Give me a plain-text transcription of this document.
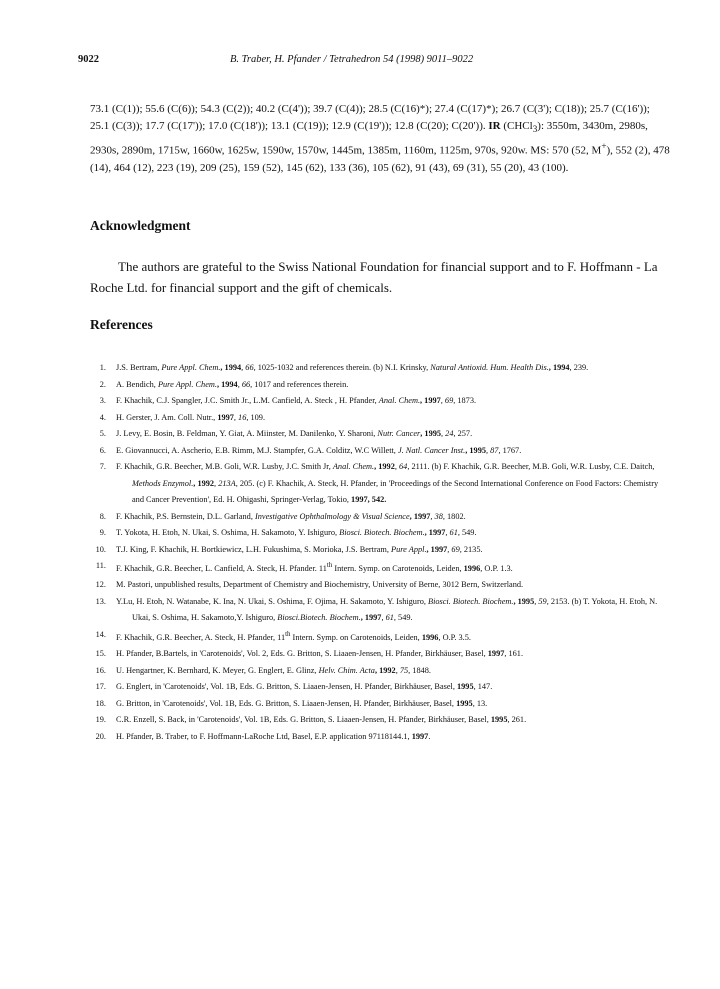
9022	B. Traber, H. Pfander / Tetrahedron 54 (1998) 9011–9022
73.1 (C(1)); 55.6 (C(6)); 54.3 (C(2)); 40.2 (C(4')); 39.7 (C(4)); 28.5 (C(16)*); 27.4 (C(17)*); 26.7 (C(3'); C(18)); 25.7 (C(16')); 25.1 (C(3)); 17.7 (C(17')); 17.0 (C(18')); 13.1 (C(19)); 12.9 (C(19')); 12.8 (C(20); C(20')). IR (CHCl$_3$): 3550m, 3430m, 2980s, 2930s, 2890m, 1715w, 1660w, 1625w, 1590w, 1570w, 1445m, 1385m, 1160m, 1125m, 970s, 920w. MS: 570 (52, M+), 552 (2), 478 (14), 464 (12), 223 (19), 209 (25), 159 (52), 145 (62), 133 (36), 105 (62), 91 (43), 69 (31), 55 (20), 43 (100).
Acknowledgment
The authors are grateful to the Swiss National Foundation for financial support and to F. Hoffmann - La Roche Ltd. for financial support and the gift of chemicals.
References
1. J.S. Bertram, Pure Appl. Chem., 1994, 66, 1025-1032 and references therein. (b) N.I. Krinsky, Natural Antioxid. Hum. Health Dis., 1994, 239.
2. A. Bendich, Pure Appl. Chem., 1994, 66, 1017 and references therein.
3. F. Khachik, C.J. Spangler, J.C. Smith Jr., L.M. Canfield, A. Steck , H. Pfander, Anal. Chem., 1997, 69, 1873.
4. H. Gerster, J. Am. Coll. Nutr., 1997, 16, 109.
5. J. Levy, E. Bosin, B. Feldman, Y. Giat, A. Miinster, M. Danilenko, Y. Sharoni, Nutr. Cancer, 1995, 24, 257.
6. E. Giovannucci, A. Ascherio, E.B. Rimm, M.J. Stampfer, G.A. Colditz, W.C Willett, J. Natl. Cancer Inst., 1995, 87, 1767.
7. F. Khachik, G.R. Beecher, M.B. Goli, W.R. Lusby, J.C. Smith Jr, Anal. Chem., 1992, 64, 2111. (b) F. Khachik, G.R. Beecher, M.B. Goli, W.R. Lusby, C.E. Daitch, Methods Enzymol., 1992, 213A, 205. (c) F. Khachik, A. Steck, H. Pfander, in 'Proceedings of the Second International Conference on Food Factors: Chemistry and Cancer Prevention', Ed. H. Ohigashi, Springer-Verlag, Tokio, 1997, 542.
8. F. Khachik, P.S. Bernstein, D.L. Garland, Investigative Ophthalmology & Visual Science, 1997, 38, 1802.
9. T. Yokota, H. Etoh, N. Ukai, S. Oshima, H. Sakamoto, Y. Ishiguro, Biosci. Biotech. Biochem., 1997, 61, 549.
10. T.J. King, F. Khachik, H. Bortkiewicz, L.H. Fukushima, S. Morioka, J.S. Bertram, Pure Appl., 1997, 69, 2135.
11. F. Khachik, G.R. Beecher, L. Canfield, A. Steck, H. Pfander. 11th Intern. Symp. on Carotenoids, Leiden, 1996, O.P. 1.3.
12. M. Pastori, unpublished results, Department of Chemistry and Biochemistry, University of Berne, 3012 Bern, Switzerland.
13. Y.Lu, H. Etoh, N. Watanabe, K. Ina, N. Ukai, S. Oshima, F. Ojima, H. Sakamoto, Y. Ishiguro, Biosci. Biotech. Biochem., 1995, 59, 2153. (b) T. Yokota, H. Etoh, N. Ukai, S. Oshima, H. Sakamoto,Y. Ishiguro, Biosci.Biotech. Biochem., 1997, 61, 549.
14. F. Khachik, G.R. Beecher, A. Steck, H. Pfander, 11th Intern. Symp. on Carotenoids, Leiden, 1996, O.P. 3.5.
15. H. Pfander, B.Bartels, in 'Carotenoids', Vol. 2, Eds. G. Britton, S. Liaaen-Jensen, H. Pfander, Birkhäuser, Basel, 1997, 161.
16. U. Hengartner, K. Bernhard, K. Meyer, G. Englert, E. Glinz, Helv. Chim. Acta, 1992, 75, 1848.
17. G. Englert, in 'Carotenoids', Vol. 1B, Eds. G. Britton, S. Liaaen-Jensen, H. Pfander, Birkhäuser, Basel, 1995, 147.
18. G. Britton, in 'Carotenoids', Vol. 1B, Eds. G. Britton, S. Liaaen-Jensen, H. Pfander, Birkhäuser, Basel, 1995, 13.
19. C.R. Enzell, S. Back, in 'Carotenoids', Vol. 1B, Eds. G. Britton, S. Liaaen-Jensen, H. Pfander, Birkhäuser, Basel, 1995, 261.
20. H. Pfander, B. Traber, to F. Hoffmann-LaRoche Ltd, Basel, E.P. application 97118144.1, 1997.
